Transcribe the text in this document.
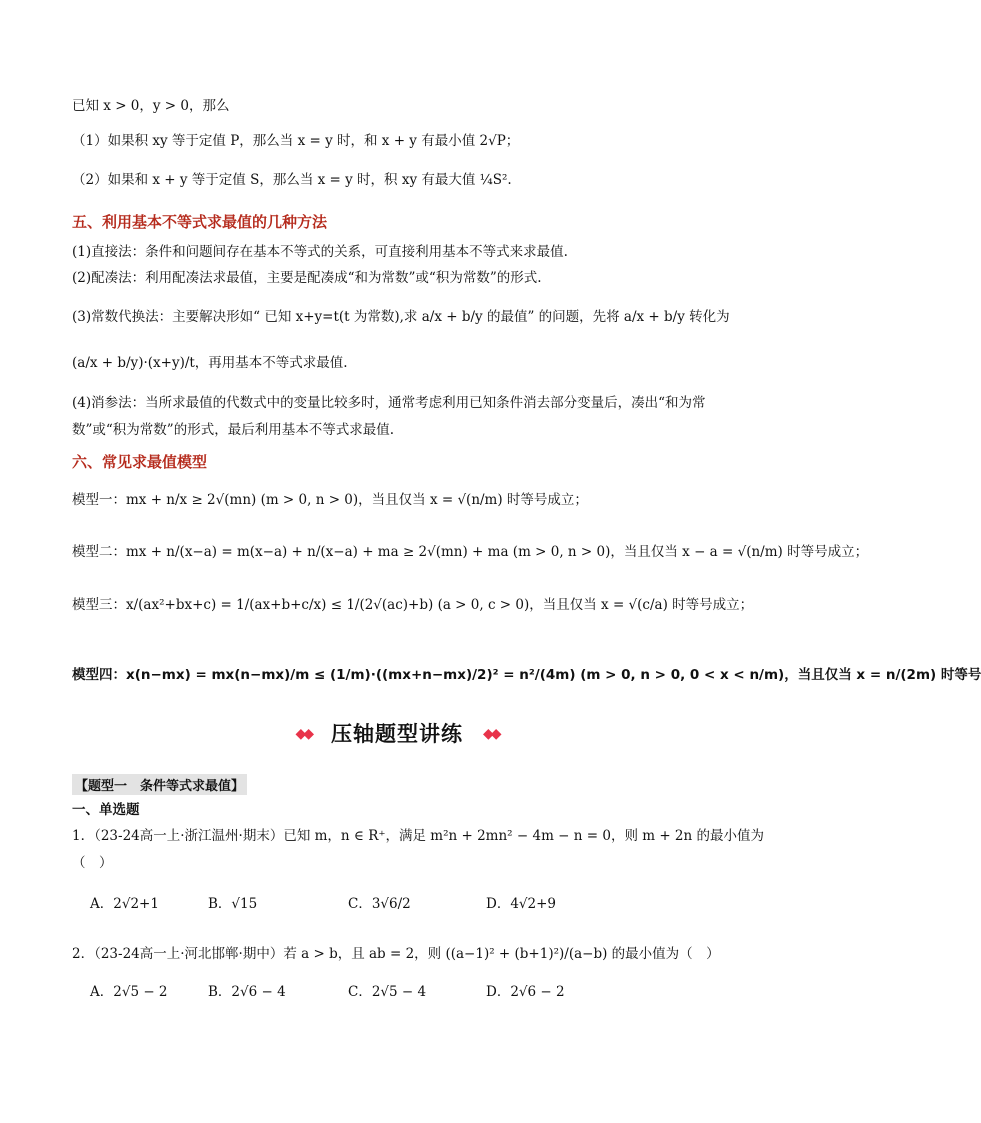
已知 x > 0，y > 0，那么
（1）如果积 xy 等于定值 P，那么当 x = y 时，和 x + y 有最小值 2√P；
（2）如果和 x + y 等于定值 S，那么当 x = y 时，积 xy 有最大值 ¼S².
五、利用基本不等式求最值的几种方法
(1)直接法：条件和问题间存在基本不等式的关系，可直接利用基本不等式来求最值.
(2)配凑法：利用配凑法求最值，主要是配凑成“和为常数”或“积为常数”的形式.
(3)常数代换法：主要解决形如“ 已知 x+y=t(t 为常数),求 a/x + b/y 的最值” 的问题，先将 a/x + b/y 转化为
(a/x + b/y)·(x+y)/t，再用基本不等式求最值.
(4)消参法：当所求最值的代数式中的变量比较多时，通常考虑利用已知条件消去部分变量后，凑出“和为常
数”或“积为常数”的形式，最后利用基本不等式求最值.
六、常见求最值模型
模型一：mx + n/x ≥ 2√(mn) (m > 0, n > 0)，当且仅当 x = √(n/m) 时等号成立；
模型二：mx + n/(x−a) = m(x−a) + n/(x−a) + ma ≥ 2√(mn) + ma (m > 0, n > 0)，当且仅当 x − a = √(n/m) 时等号成立；
模型三：x/(ax²+bx+c) = 1/(ax+b+c/x) ≤ 1/(2√(ac)+b) (a > 0, c > 0)，当且仅当 x = √(c/a) 时等号成立；
模型四：x(n−mx) = mx(n−mx)/m ≤ (1/m)·((mx+n−mx)/2)² = n²/(4m) (m > 0, n > 0, 0 < x < n/m)，当且仅当 x = n/(2m) 时等号
◆◆ 压轴题型讲练	◆◆
【题型一　条件等式求最值】
一、单选题
1．（23-24高一上·浙江温州·期末）已知 m，n ∈ R⁺，满足 m²n + 2mn² − 4m − n = 0，则 m + 2n 的最小值为
（　）
A．2√2+1	B．√15	C．3√6/2	D．4√2+9
2．（23-24高一上·河北邯郸·期中）若 a > b，且 ab = 2，则 ((a−1)² + (b+1)²)/(a−b) 的最小值为（　）
A．2√5 − 2	B．2√6 − 4	C．2√5 − 4	D．2√6 − 2
